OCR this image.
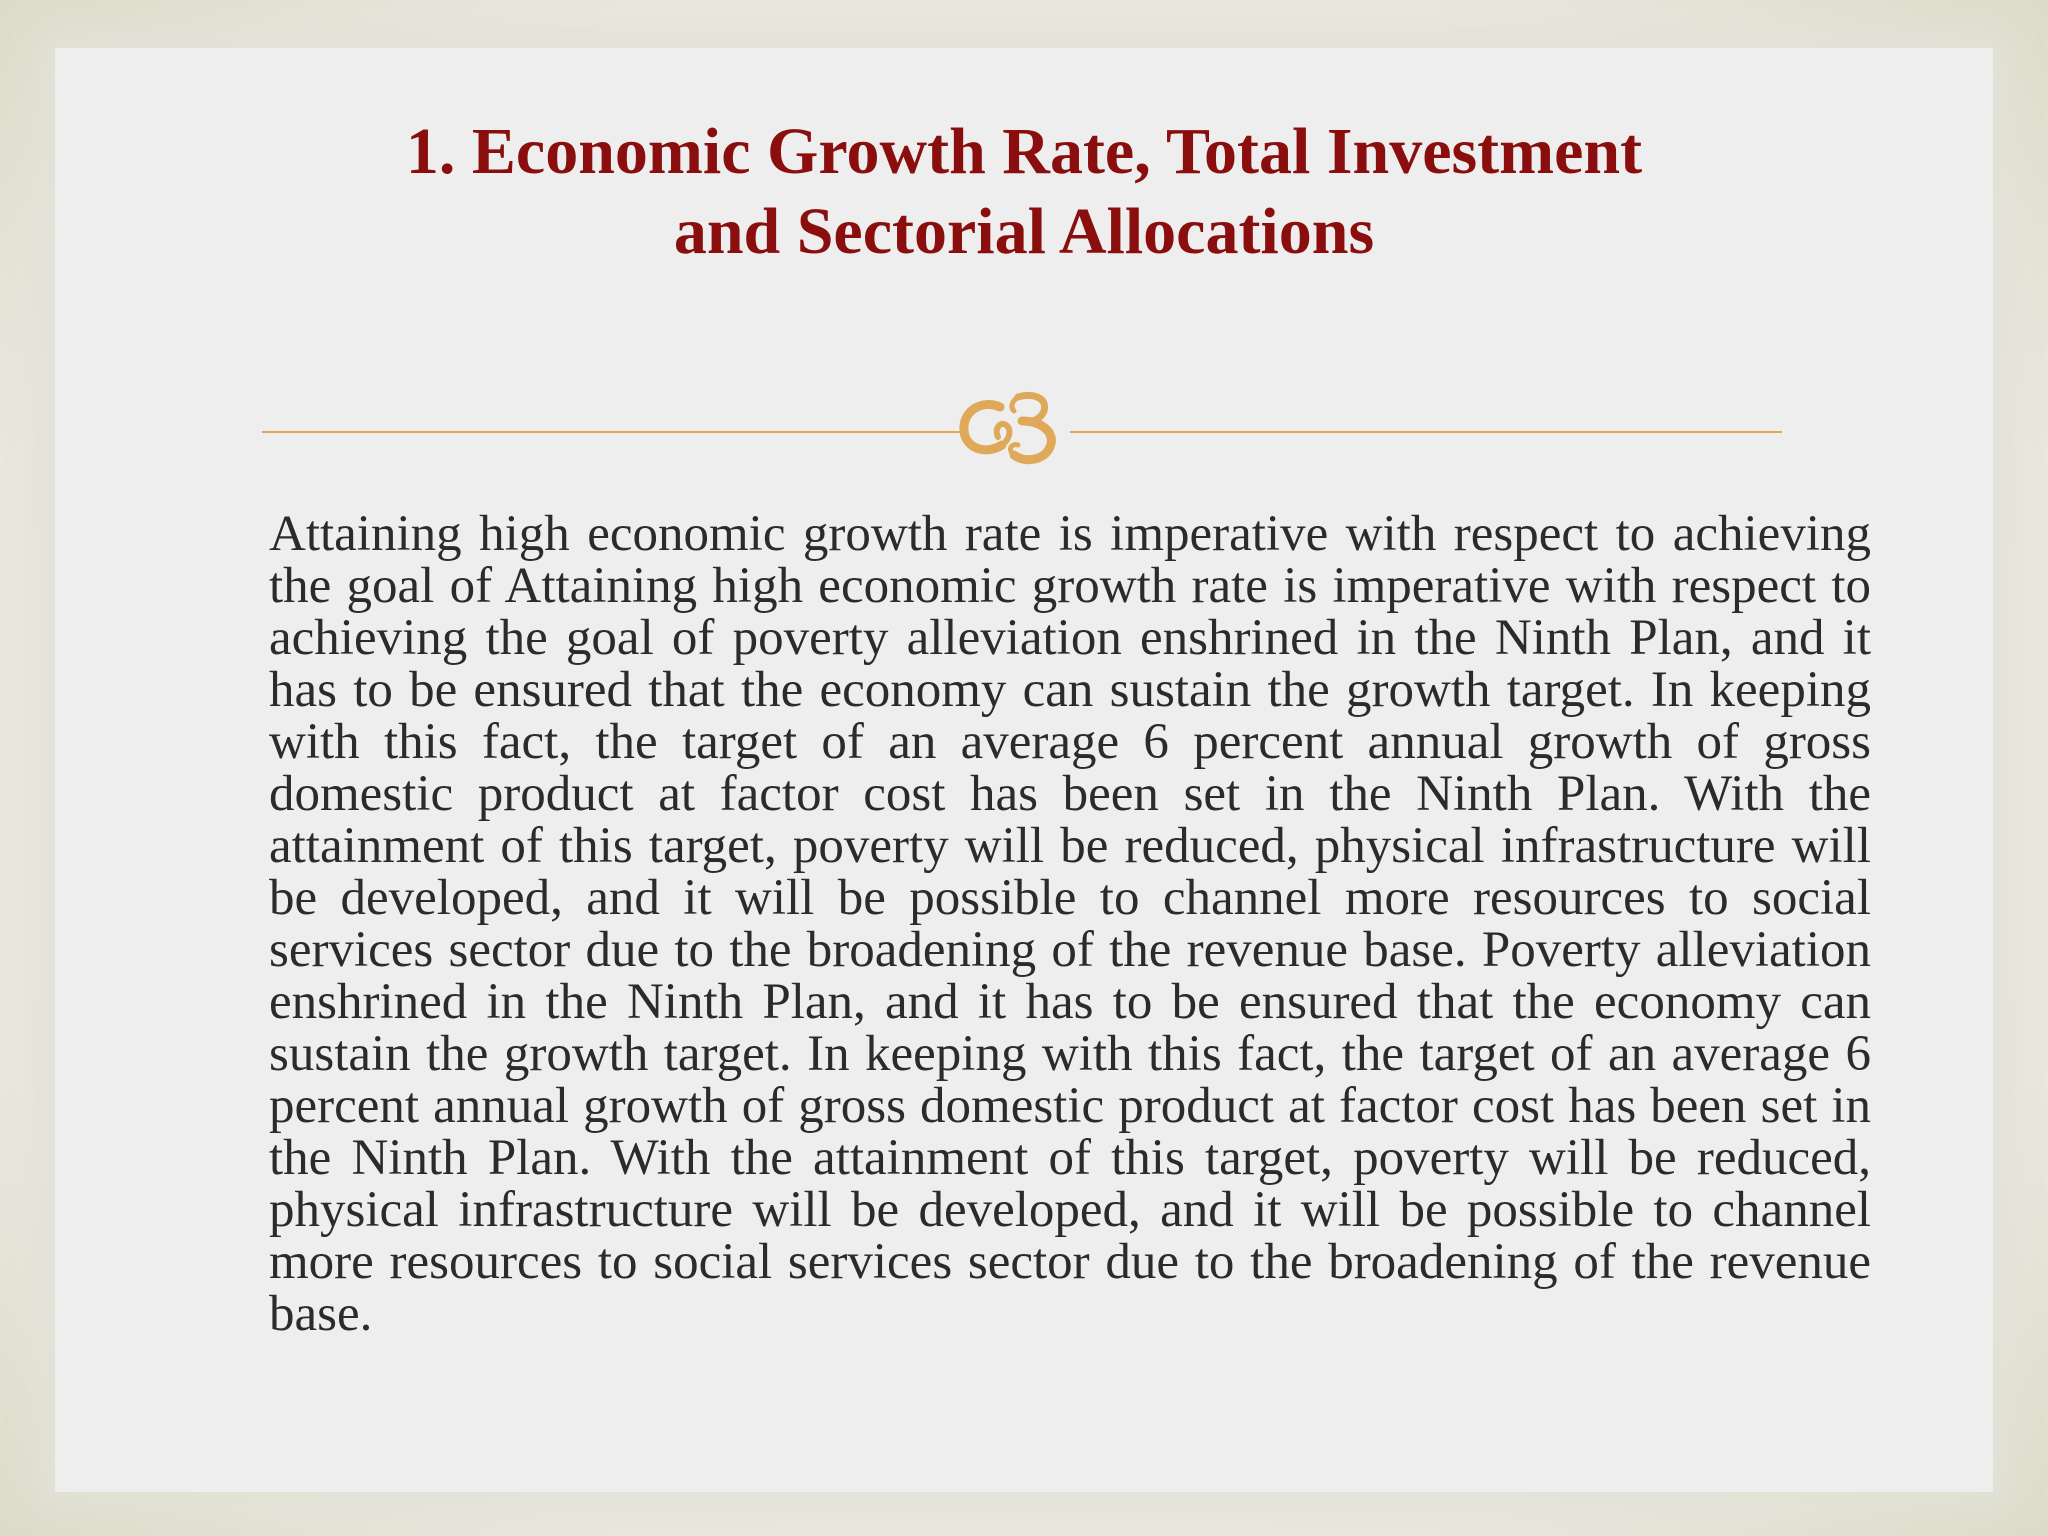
1. Economic Growth Rate, Total Investment
and Sectorial Allocations

Attaining high economic growth rate is imperative with respect to achieving the goal of Attaining high economic growth rate is imperative with respect to achieving the goal of poverty alleviation enshrined in the Ninth Plan, and it has to be ensured that the economy can sustain the growth target. In keeping with this fact, the target of an average 6 percent annual growth of gross domestic product at factor cost has been set in the Ninth Plan. With the attainment of this target, poverty will be reduced, physical infrastructure will be developed, and it will be possible to channel more resources to social services sector due to the broadening of the revenue base. Poverty alleviation enshrined in the Ninth Plan, and it has to be ensured that the economy can sustain the growth target. In keeping with this fact, the target of an average 6 percent annual growth of gross domestic product at factor cost has been set in the Ninth Plan. With the attainment of this target, poverty will be reduced, physical infrastructure will be developed, and it will be possible to channel more resources to social services sector due to the broadening of the revenue base.
